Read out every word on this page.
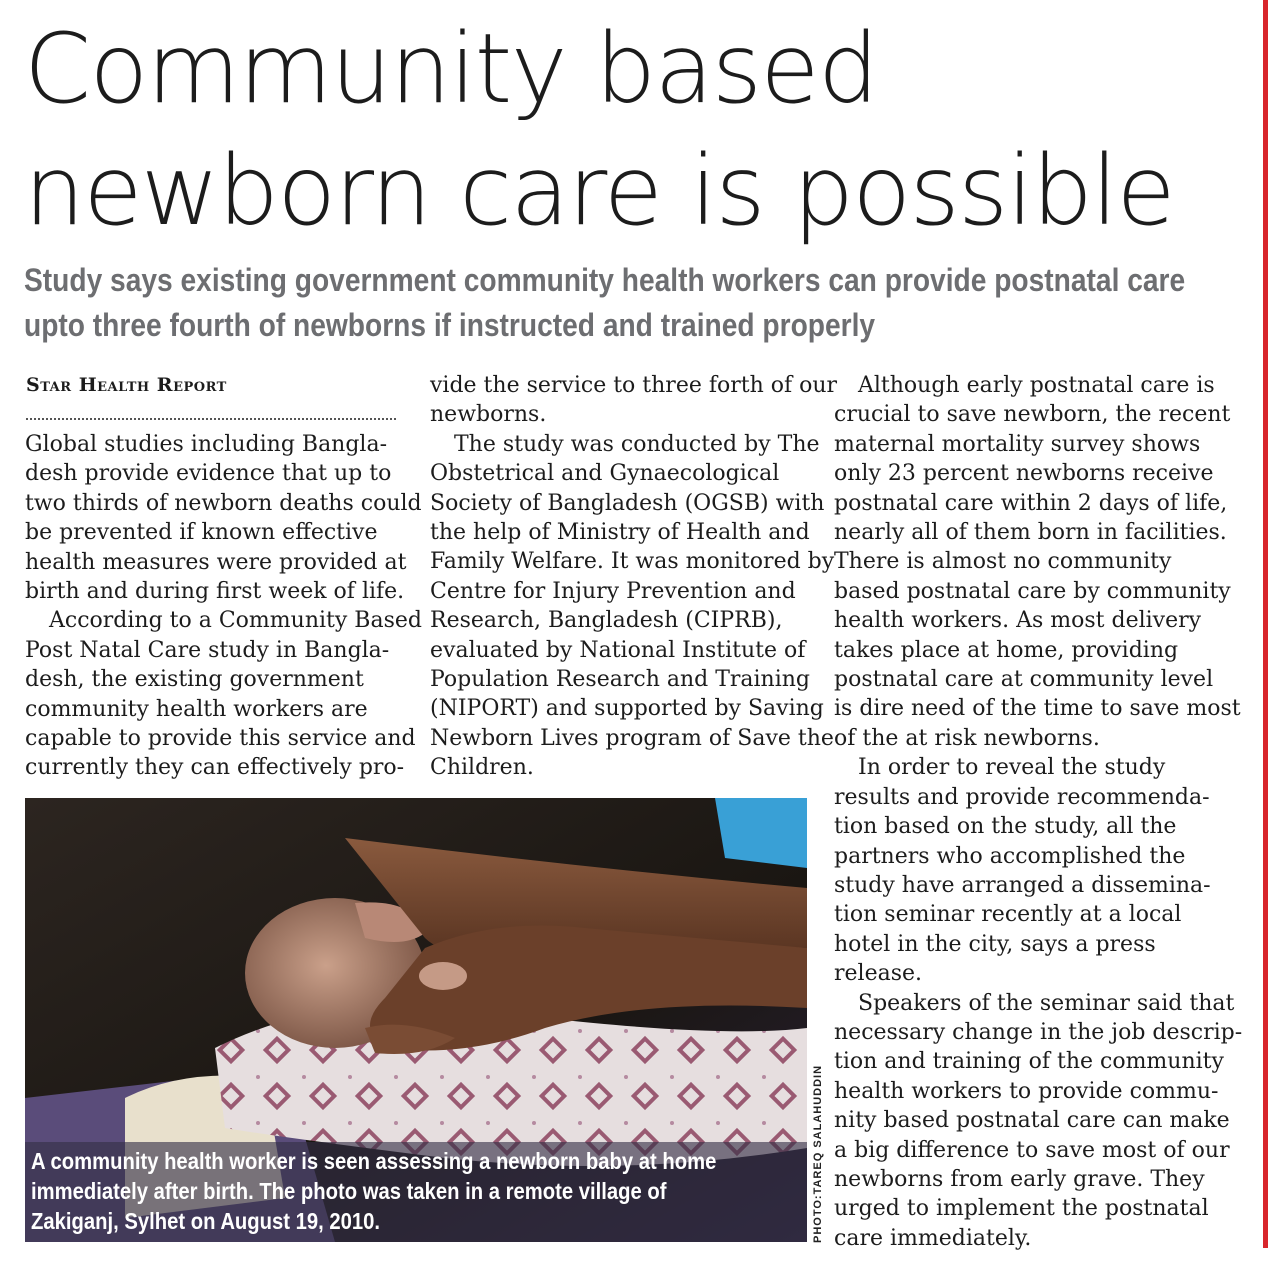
Community based
newborn care is possible
Study says existing government community health workers can provide postnatal care
upto three fourth of newborns if instructed and trained properly
Star Health Report

Global studies including Bangla-

desh provide evidence that up to

two thirds of newborn deaths could

be prevented if known effective

health measures were provided at

birth and during first week of life.

According to a Community Based

Post Natal Care study in Bangla-

desh, the existing government

community health workers are

capable to provide this service and

currently they can effectively pro-

vide the service to three forth of our

newborns.

The study was conducted by The

Obstetrical and Gynaecological

Society of Bangladesh (OGSB) with

the help of Ministry of Health and

Family Welfare. It was monitored by

Centre for Injury Prevention and

Research, Bangladesh (CIPRB),

evaluated by National Institute of

Population Research and Training

(NIPORT) and supported by Saving

Newborn Lives program of Save the

Children.

Although early postnatal care is

crucial to save newborn, the recent

maternal mortality survey shows

only 23 percent newborns receive

postnatal care within 2 days of life,

nearly all of them born in facilities.

There is almost no community

based postnatal care by community

health workers. As most delivery

takes place at home, providing

postnatal care at community level

is dire need of the time to save most

of the at risk newborns.

In order to reveal the study

results and provide recommenda-

tion based on the study, all the

partners who accomplished the

study have arranged a dissemina-

tion seminar recently at a local

hotel in the city, says a press

release.

Speakers of the seminar said that

necessary change in the job descrip-

tion and training of the community

health workers to provide commu-

nity based postnatal care can make

a big difference to save most of our

newborns from early grave. They

urged to implement the postnatal

care immediately.

A community health worker is seen assessing a newborn baby at home
immediately after birth. The photo was taken in a remote village of
Zakiganj, Sylhet on August 19, 2010.	PHOTO:TAREQ SALAHUDDIN
